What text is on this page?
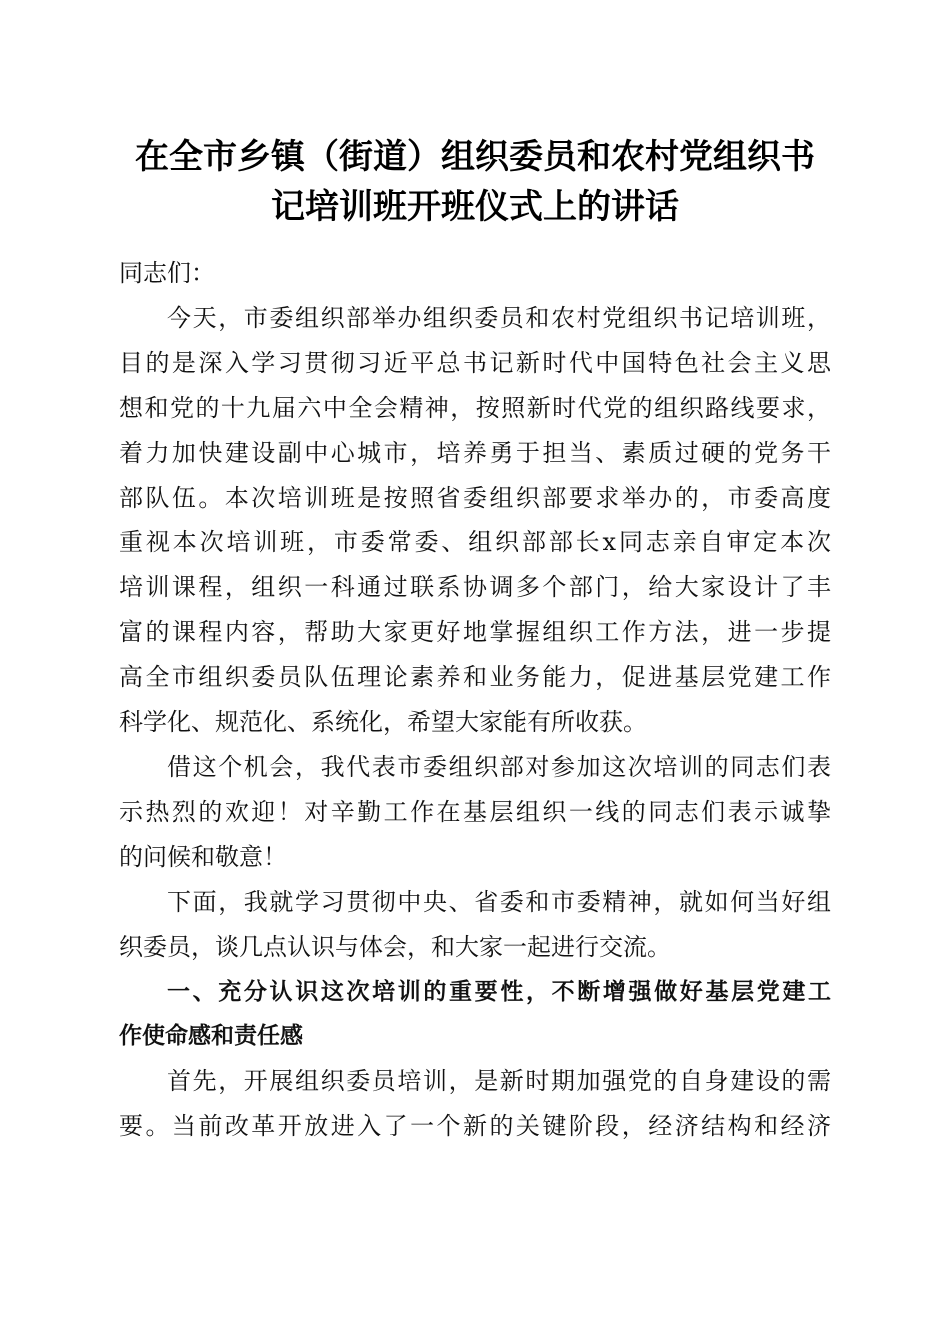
在全市乡镇（街道）组织委员和农村党组织书
记培训班开班仪式上的讲话

同志们：

今天，市委组织部举办组织委员和农村党组织书记培训班，
目的是深入学习贯彻习近平总书记新时代中国特色社会主义思
想和党的十九届六中全会精神，按照新时代党的组织路线要求，
着力加快建设副中心城市，培养勇于担当、素质过硬的党务干
部队伍。本次培训班是按照省委组织部要求举办的，市委高度
重视本次培训班，市委常委、组织部部长x同志亲自审定本次
培训课程，组织一科通过联系协调多个部门，给大家设计了丰
富的课程内容，帮助大家更好地掌握组织工作方法，进一步提
高全市组织委员队伍理论素养和业务能力，促进基层党建工作
科学化、规范化、系统化，希望大家能有所收获。

借这个机会，我代表市委组织部对参加这次培训的同志们表
示热烈的欢迎！对辛勤工作在基层组织一线的同志们表示诚挚
的问候和敬意！

下面，我就学习贯彻中央、省委和市委精神，就如何当好组
织委员，谈几点认识与体会，和大家一起进行交流。

一、充分认识这次培训的重要性，不断增强做好基层党建工
作使命感和责任感

首先，开展组织委员培训，是新时期加强党的自身建设的需
要。当前改革开放进入了一个新的关键阶段，经济结构和经济
